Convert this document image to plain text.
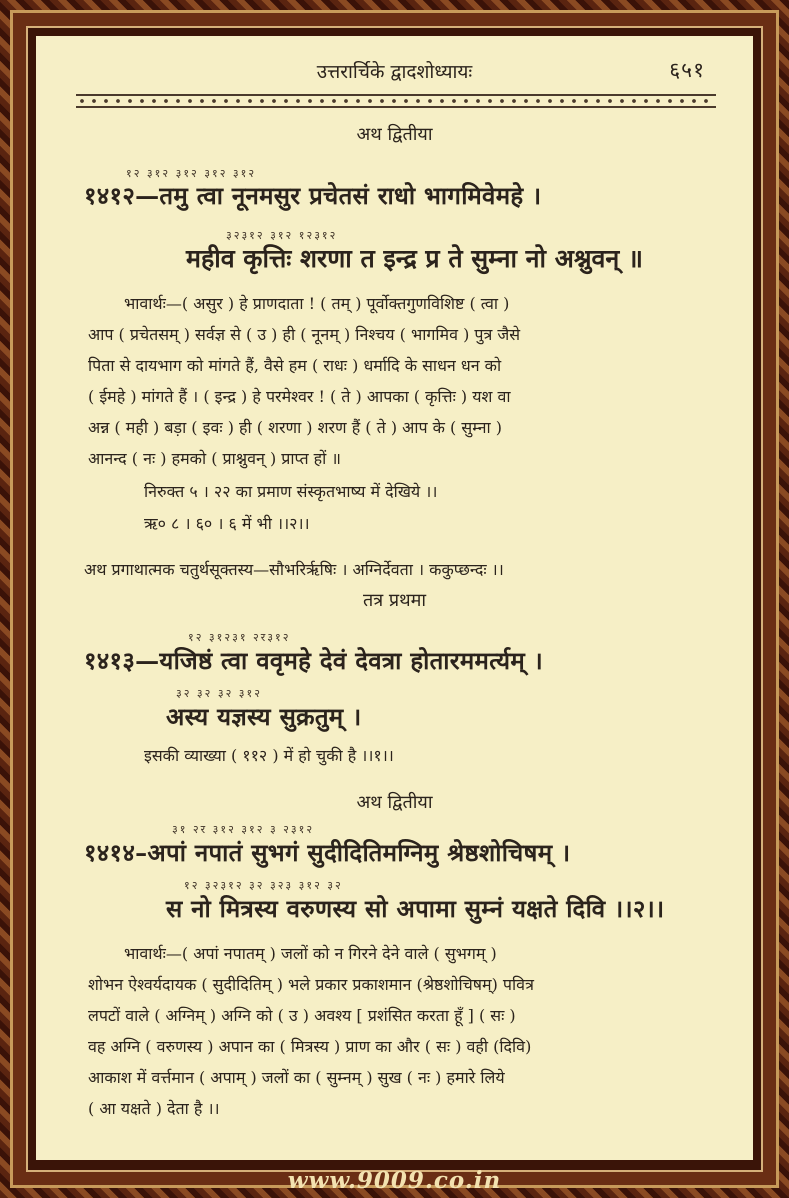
उत्तरार्चिके द्वादशोध्यायः	६५१
अथ द्वितीया
१२ ३१२ ३१२ ३१२ ३१२
१४१२—तमु त्वा नूनमसुर प्रचेतसं राधो भागमिवेमहे ।
३२३१२ ३१२ १२३१२
महीव कृत्तिः शरणा त इन्द्र प्र ते सुम्ना नो अश्नुवन् ॥
भावार्थः—( असुर ) हे प्राणदाता ! ( तम् ) पूर्वोक्तगुणविशिष्ट ( त्वा )
आप ( प्रचेतसम् ) सर्वज्ञ से ( उ ) ही ( नूनम् ) निश्चय ( भागमिव ) पुत्र जैसे
पिता से दायभाग को मांगते हैं, वैसे हम ( राधः ) धर्मादि के साधन धन को
( ईमहे ) मांगते हैं । ( इन्द्र ) हे परमेश्वर ! ( ते ) आपका ( कृत्तिः ) यश वा
अन्न ( मही ) बड़ा ( इवः ) ही ( शरणा ) शरण हैं ( ते ) आप के ( सुम्ना )
आनन्द ( नः ) हमको ( प्राश्नुवन् ) प्राप्त हों ॥
निरुक्त ५ । २२ का प्रमाण संस्कृतभाष्य में देखिये ।।
ऋ० ८ । ६० । ६ में भी ।।२।।
अथ प्रगाथात्मक चतुर्थसूक्तस्य—सौभरिर्ऋषिः । अग्निर्देवता । ककुप्छन्दः ।।
तत्र प्रथमा
१२ ३१२३१ २र३१२
१४१३—यजिष्ठं त्वा ववृमहे देवं देवत्रा होतारममर्त्यम् ।
३२ ३२ ३२ ३१२
अस्य यज्ञस्य सुक्रतुम् ।
इसकी व्याख्या ( ११२ ) में हो चुकी है ।।१।।
अथ द्वितीया
३१ २र ३१२ ३१२ ३ २३१२
१४१४–अपां नपातं सुभगं सुदीदितिमग्निमु श्रेष्ठशोचिषम् ।
१२ ३२३१२ ३२ ३२३ ३१२ ३२
स नो मित्रस्य वरुणस्य सो अपामा सुम्नं यक्षते दिवि ।।२।।
भावार्थः—( अपां नपातम् ) जलों को न गिरने देने वाले ( सुभगम् )
शोभन ऐश्वर्यदायक ( सुदीदितिम् ) भले प्रकार प्रकाशमान (श्रेष्ठशोचिषम्) पवित्र
लपटों वाले ( अग्निम् ) अग्नि को ( उ ) अवश्य [ प्रशंसित करता हूँ ] ( सः )
वह अग्नि ( वरुणस्य ) अपान का ( मित्रस्य ) प्राण का और ( सः ) वही (दिवि)
आकाश में वर्त्तमान ( अपाम् ) जलों का ( सुम्नम् ) सुख ( नः ) हमारे लिये
( आ यक्षते ) देता है ।।
www.9009.co.in
